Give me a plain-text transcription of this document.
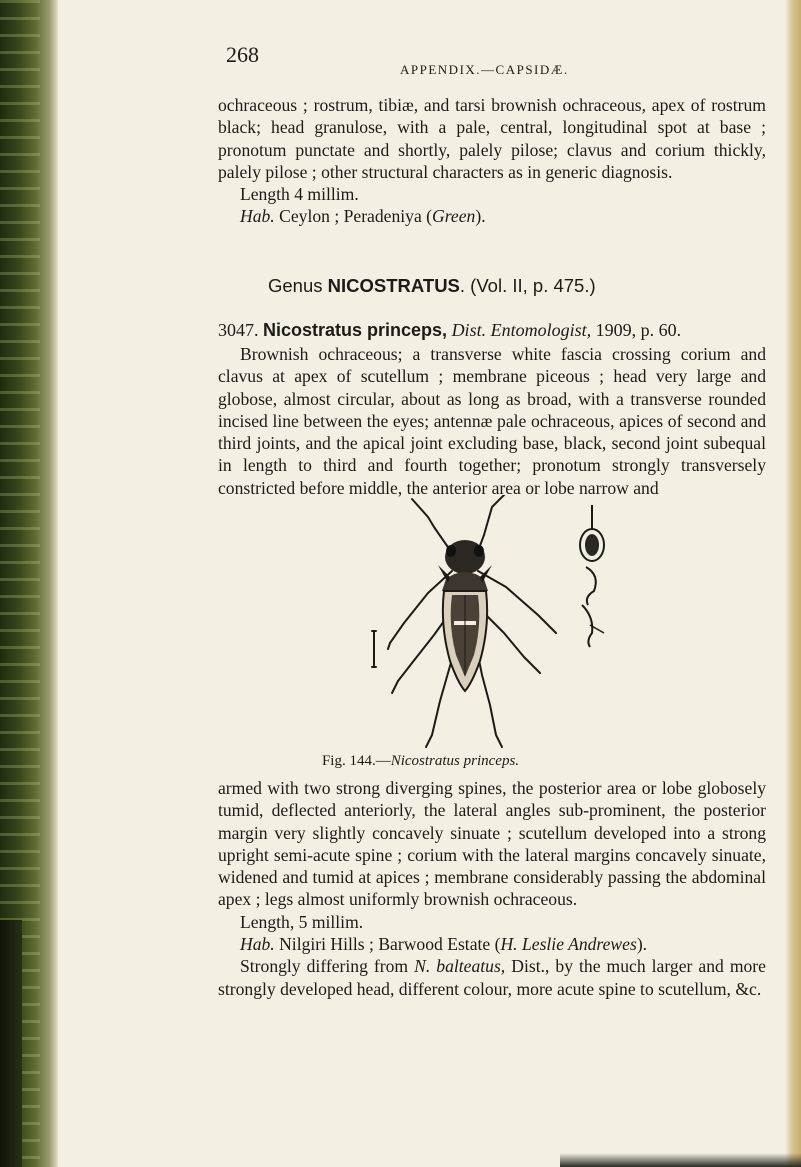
268
APPENDIX.—CAPSIDÆ.

ochraceous ; rostrum, tibiæ, and tarsi brownish ochraceous, apex of rostrum black; head granulose, with a pale, central, longitudinal spot at base ; pronotum punctate and shortly, palely pilose; clavus and corium thickly, palely pilose ; other structural characters as in generic diagnosis.

Length 4 millim.

Hab. Ceylon ; Peradeniya (Green).

Genus NICOSTRATUS. (Vol. II, p. 475.)
3047. Nicostratus princeps, Dist. Entomologist, 1909, p. 60.

Brownish ochraceous; a transverse white fascia crossing corium and clavus at apex of scutellum ; membrane piceous ; head very large and globose, almost circular, about as long as broad, with a transverse rounded incised line between the eyes; antennæ pale ochraceous, apices of second and third joints, and the apical joint excluding base, black, second joint subequal in length to third and fourth together; pronotum strongly transversely constricted before middle, the anterior area or lobe narrow and

Fig. 144.—Nicostratus princeps.

armed with two strong diverging spines, the posterior area or lobe globosely tumid, deflected anteriorly, the lateral angles sub-prominent, the posterior margin very slightly concavely sinuate ; scutellum developed into a strong upright semi-acute spine ; corium with the lateral margins concavely sinuate, widened and tumid at apices ; membrane considerably passing the abdominal apex ; legs almost uniformly brownish ochraceous.

Length, 5 millim.

Hab. Nilgiri Hills ; Barwood Estate (H. Leslie Andrewes).

Strongly differing from N. balteatus, Dist., by the much larger and more strongly developed head, different colour, more acute spine to scutellum, &c.
